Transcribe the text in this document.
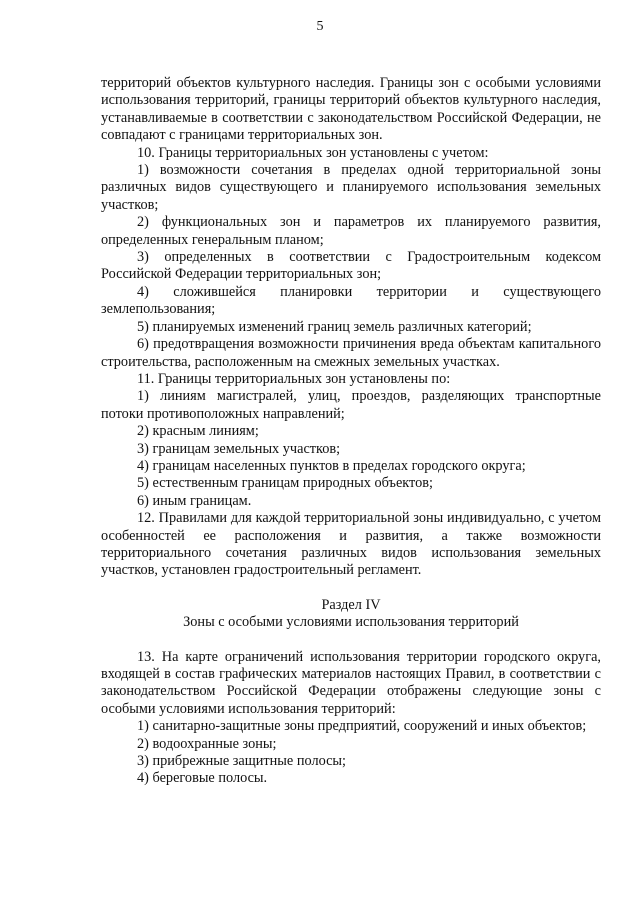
5

территорий объектов культурного наследия. Границы зон с особыми условиями использования территорий, границы территорий объектов культурного наследия, устанавливаемые в соответствии с законодательством Российской Федерации, не совпадают с границами территориальных зон.

10. Границы территориальных зон установлены с учетом:

1) возможности сочетания в пределах одной территориальной зоны различных видов существующего и планируемого использования земельных участков;

2) функциональных зон и параметров их планируемого развития, определенных генеральным планом;

3) определенных в соответствии с Градостроительным кодексом Российской Федерации территориальных зон;

4) сложившейся планировки территории и существующего землепользования;

5) планируемых изменений границ земель различных категорий;

6) предотвращения возможности причинения вреда объектам капитального строительства, расположенным на смежных земельных участках.

11. Границы территориальных зон установлены по:

1) линиям магистралей, улиц, проездов, разделяющих транспортные потоки противоположных направлений;

2) красным линиям;

3) границам земельных участков;

4) границам населенных пунктов в пределах городского округа;

5) естественным границам природных объектов;

6) иным границам.

12. Правилами для каждой территориальной зоны индивидуально, с учетом особенностей ее расположения и развития, а также возможности территориального сочетания различных видов использования земельных участков, установлен градостроительный регламент.

Раздел IV

Зоны с особыми условиями использования территорий

13. На карте ограничений использования территории городского округа, входящей в состав графических материалов настоящих Правил, в соответствии с законодательством Российской Федерации отображены следующие зоны с особыми условиями использования территорий:

1) санитарно-защитные зоны предприятий, сооружений и иных объектов;

2) водоохранные зоны;

3) прибрежные защитные полосы;

4) береговые полосы.
